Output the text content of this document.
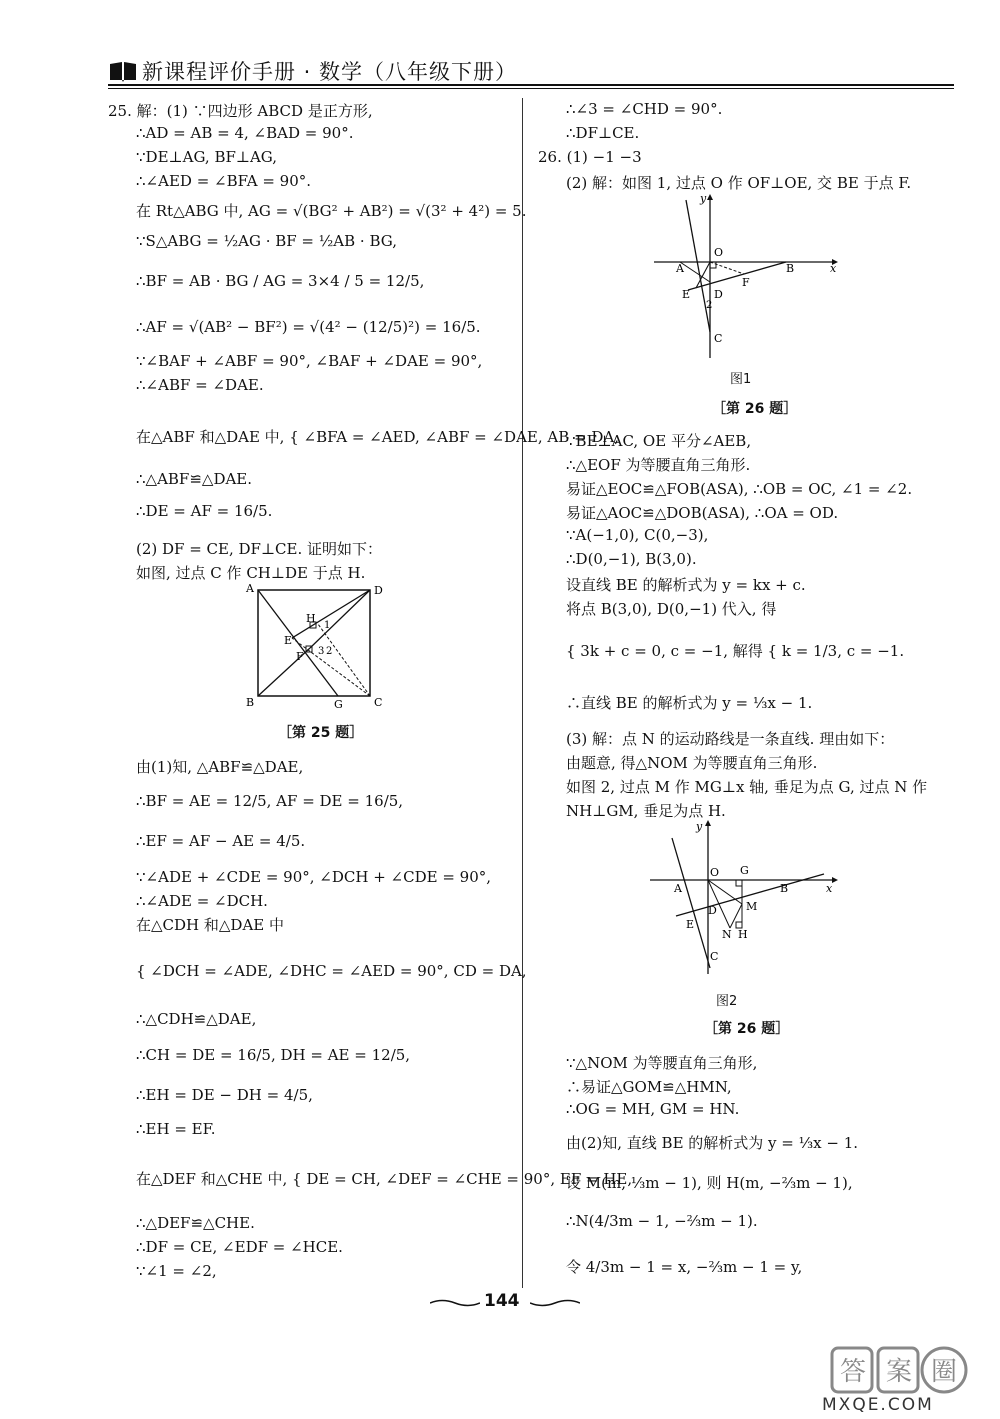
新课程评价手册 · 数学（八年级下册）
25. 解：(1) ∵四边形 ABCD 是正方形,
∴AD = AB = 4, ∠BAD = 90°.
∵DE⊥AG, BF⊥AG,
∴∠AED = ∠BFA = 90°.
在 Rt△ABG 中, AG = √(BG² + AB²) = √(3² + 4²) = 5.
∵S△ABG = ½AG · BF = ½AB · BG,
∴BF = AB · BG / AG = 3×4 / 5 = 12/5,
∴AF = √(AB² − BF²) = √(4² − (12/5)²) = 16/5.
∵∠BAF + ∠ABF = 90°, ∠BAF + ∠DAE = 90°,
∴∠ABF = ∠DAE.
在△ABF 和△DAE 中, { ∠BFA = ∠AED, ∠ABF = ∠DAE, AB = DA,
∴△ABF≌△DAE.
∴DE = AF = 16/5.
(2) DF = CE, DF⊥CE. 证明如下：
如图, 过点 C 作 CH⊥DE 于点 H.
A	D
B	C
G
H
E
F
1
3 2
［第 25 题］
由(1)知, △ABF≌△DAE,
∴BF = AE = 12/5, AF = DE = 16/5,
∴EF = AF − AE = 4/5.
∵∠ADE + ∠CDE = 90°, ∠DCH + ∠CDE = 90°,
∴∠ADE = ∠DCH.
在△CDH 和△DAE 中
{ ∠DCH = ∠ADE, ∠DHC = ∠AED = 90°, CD = DA,
∴△CDH≌△DAE,
∴CH = DE = 16/5, DH = AE = 12/5,
∴EH = DE − DH = 4/5,
∴EH = EF.
在△DEF 和△CHE 中, { DE = CH, ∠DEF = ∠CHE = 90°, EF = HE,
∴△DEF≌△CHE.
∴DF = CE, ∠EDF = ∠HCE.
∵∠1 = ∠2,
∴∠3 = ∠CHD = 90°.
∴DF⊥CE.
26. (1) −1 −3
(2) 解：如图 1, 过点 O 作 OF⊥OE, 交 BE 于点 F.
y
O
A	B	x
F
E D
2
C
图1
［第 26 题］
∵BE⊥AC, OE 平分∠AEB,
∴△EOF 为等腰直角三角形.
易证△EOC≌△FOB(ASA), ∴OB = OC, ∠1 = ∠2.
易证△AOC≌△DOB(ASA), ∴OA = OD.
∵A(−1,0), C(0,−3),
∴D(0,−1), B(3,0).
设直线 BE 的解析式为 y = kx + c.
将点 B(3,0), D(0,−1) 代入, 得
{ 3k + c = 0, c = −1, 解得 { k = 1/3, c = −1.
∴直线 BE 的解析式为 y = ⅓x − 1.
(3) 解：点 N 的运动路线是一条直线. 理由如下：
由题意, 得△NOM 为等腰直角三角形.
如图 2, 过点 M 作 MG⊥x 轴, 垂足为点 G, 过点 N 作
NH⊥GM, 垂足为点 H.
y
O G
A	B	x
D	M
E
N H
C
图2
［第 26 题］
∵△NOM 为等腰直角三角形,
∴易证△GOM≌△HMN,
∴OG = MH, GM = HN.
由(2)知, 直线 BE 的解析式为 y = ⅓x − 1.
设 M(m, ⅓m − 1), 则 H(m, −⅔m − 1),
∴N(4/3m − 1, −⅔m − 1).
令 4/3m − 1 = x, −⅔m − 1 = y,
144
答 案 圈
MXQE.COM
